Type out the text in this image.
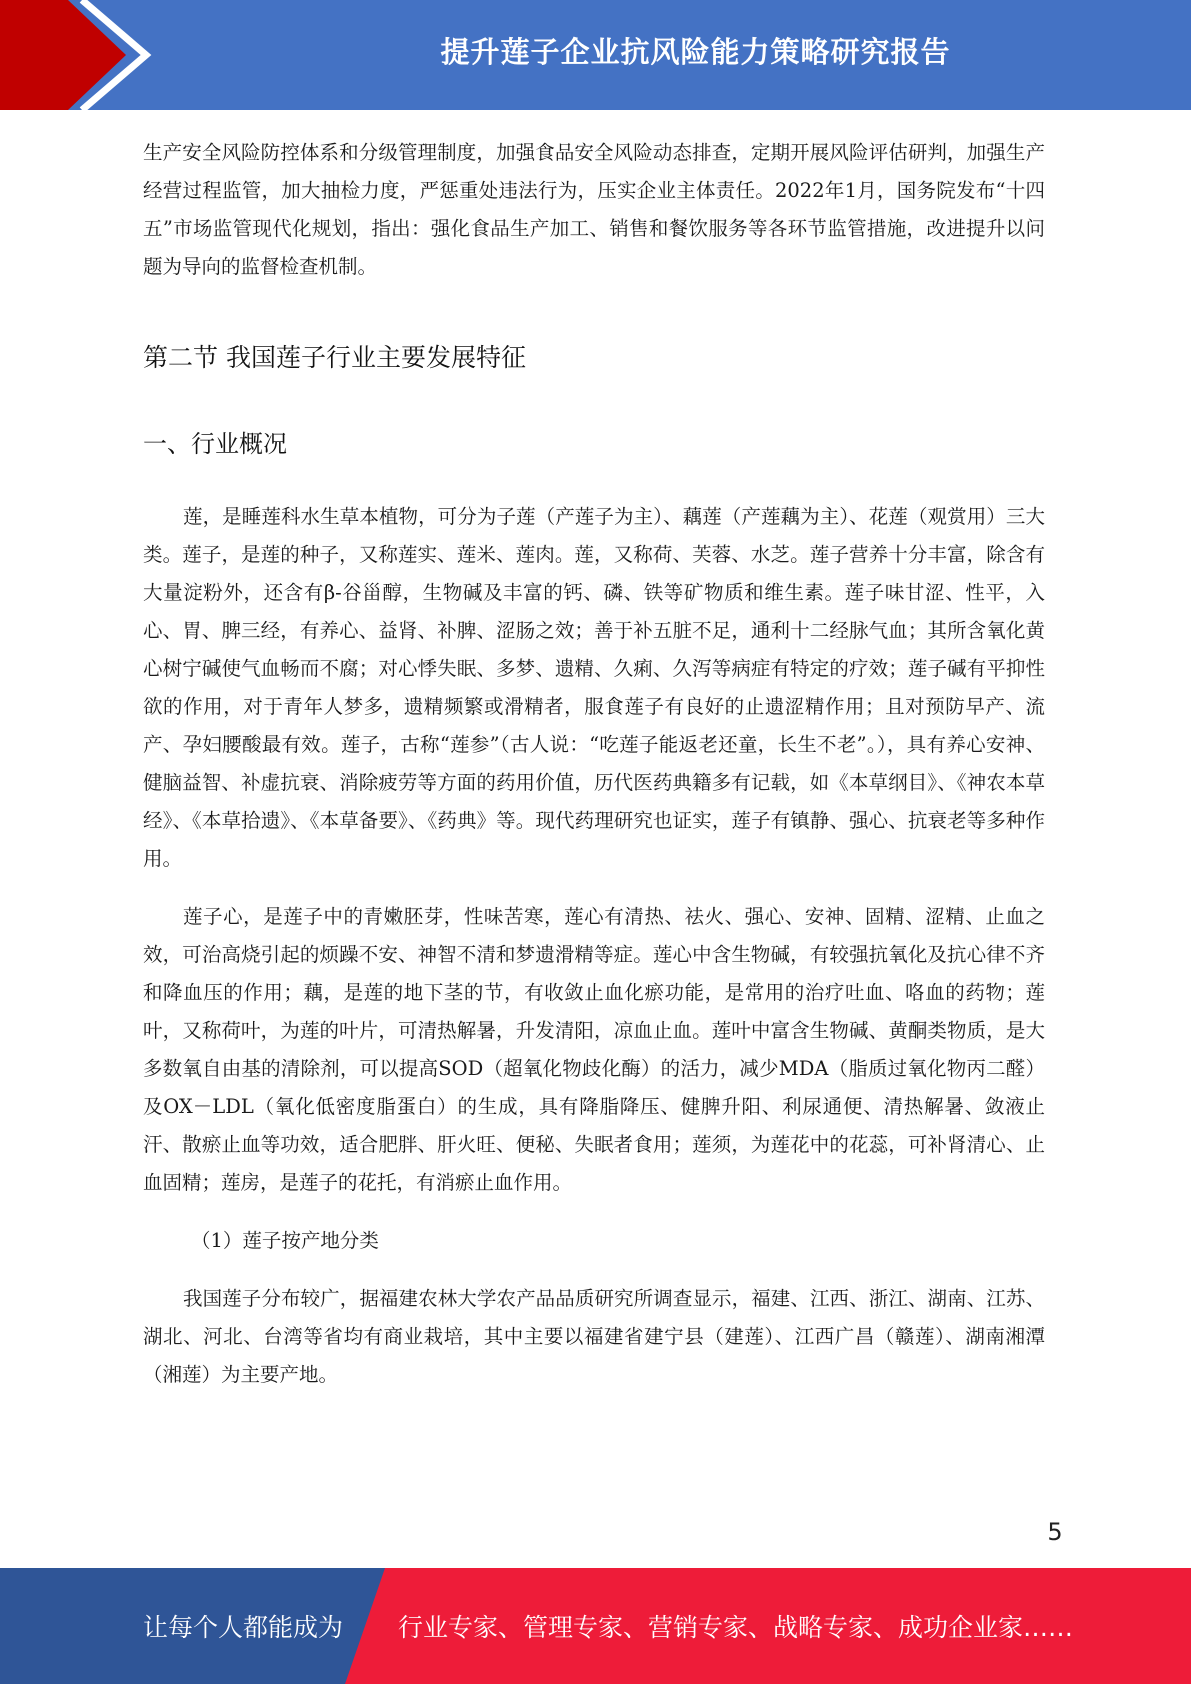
提升莲子企业抗风险能力策略研究报告

生产安全风险防控体系和分级管理制度，加强食品安全风险动态排查，定期开展风险评估研判，加强生产经营过程监管，加大抽检力度，严惩重处违法行为，压实企业主体责任。2022年1月，国务院发布“十四五”市场监管现代化规划，指出：强化食品生产加工、销售和餐饮服务等各环节监管措施，改进提升以问题为导向的监督检查机制。

第二节 我国莲子行业主要发展特征
一、行业概况

莲，是睡莲科水生草本植物，可分为子莲（产莲子为主）、藕莲（产莲藕为主）、花莲（观赏用）三大类。莲子，是莲的种子，又称莲实、莲米、莲肉。莲，又称荷、芙蓉、水芝。莲子营养十分丰富，除含有大量淀粉外，还含有β-谷甾醇，生物碱及丰富的钙、磷、铁等矿物质和维生素。莲子味甘涩、性平，入心、胃、脾三经，有养心、益肾、补脾、涩肠之效；善于补五脏不足，通利十二经脉气血；其所含氧化黄心树宁碱使气血畅而不腐；对心悸失眠、多梦、遗精、久痢、久泻等病症有特定的疗效；莲子碱有平抑性欲的作用，对于青年人梦多，遗精频繁或滑精者，服食莲子有良好的止遗涩精作用；且对预防早产、流产、孕妇腰酸最有效。莲子，古称“莲参”（古人说：“吃莲子能返老还童，长生不老”。），具有养心安神、健脑益智、补虚抗衰、消除疲劳等方面的药用价值，历代医药典籍多有记载，如《本草纲目》、《神农本草经》、《本草拾遗》、《本草备要》、《药典》等。现代药理研究也证实，莲子有镇静、强心、抗衰老等多种作用。

莲子心，是莲子中的青嫩胚芽，性味苦寒，莲心有清热、祛火、强心、安神、固精、涩精、止血之效，可治高烧引起的烦躁不安、神智不清和梦遗滑精等症。莲心中含生物碱，有较强抗氧化及抗心律不齐和降血压的作用；藕，是莲的地下茎的节，有收敛止血化瘀功能，是常用的治疗吐血、咯血的药物；莲叶，又称荷叶，为莲的叶片，可清热解暑，升发清阳，凉血止血。莲叶中富含生物碱、黄酮类物质，是大多数氧自由基的清除剂，可以提高SOD（超氧化物歧化酶）的活力，减少MDA（脂质过氧化物丙二醛）及OX－LDL（氧化低密度脂蛋白）的生成，具有降脂降压、健脾升阳、利尿通便、清热解暑、敛液止汗、散瘀止血等功效，适合肥胖、肝火旺、便秘、失眠者食用；莲须，为莲花中的花蕊，可补肾清心、止血固精；莲房，是莲子的花托，有消瘀止血作用。

（1）莲子按产地分类

我国莲子分布较广，据福建农林大学农产品品质研究所调查显示，福建、江西、浙江、湖南、江苏、湖北、河北、台湾等省均有商业栽培，其中主要以福建省建宁县（建莲）、江西广昌（赣莲）、湖南湘潭（湘莲）为主要产地。

5
让每个人都能成为 行业专家、管理专家、营销专家、战略专家、成功企业家……
